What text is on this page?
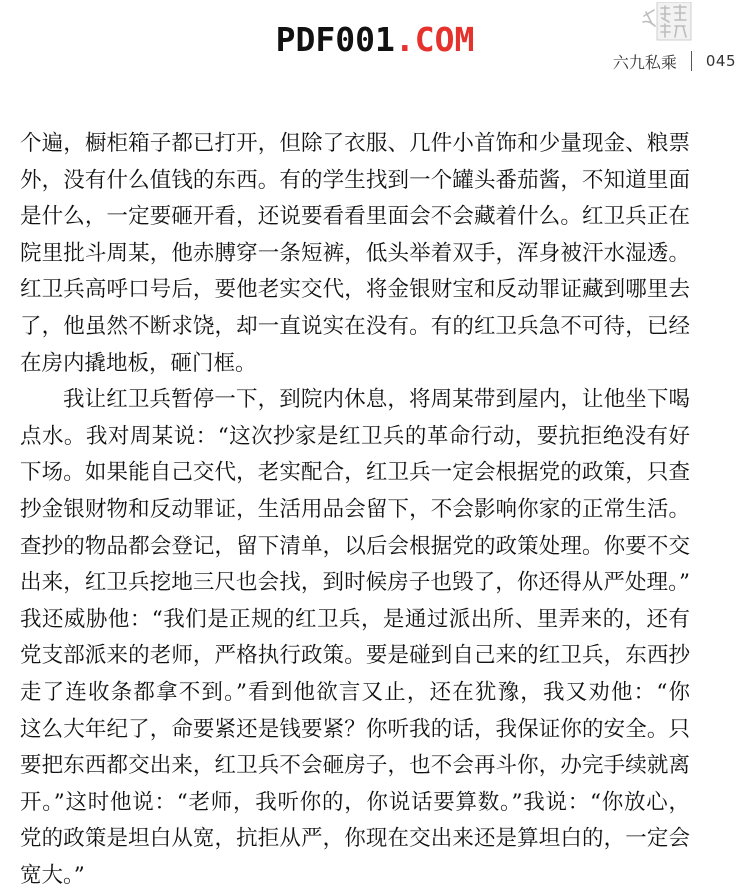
PDF001.COM
六九私乘 045
个遍，橱柜箱子都已打开，但除了衣服、几件小首饰和少量现金、粮票
外，没有什么值钱的东西。有的学生找到一个罐头番茄酱，不知道里面
是什么，一定要砸开看，还说要看看里面会不会藏着什么。红卫兵正在
院里批斗周某，他赤膊穿一条短裤，低头举着双手，浑身被汗水湿透。
红卫兵高呼口号后，要他老实交代，将金银财宝和反动罪证藏到哪里去
了，他虽然不断求饶，却一直说实在没有。有的红卫兵急不可待，已经
在房内撬地板，砸门框。
我让红卫兵暂停一下，到院内休息，将周某带到屋内，让他坐下喝
点水。我对周某说：“这次抄家是红卫兵的革命行动，要抗拒绝没有好
下场。如果能自己交代，老实配合，红卫兵一定会根据党的政策，只查
抄金银财物和反动罪证，生活用品会留下，不会影响你家的正常生活。
查抄的物品都会登记，留下清单，以后会根据党的政策处理。你要不交
出来，红卫兵挖地三尺也会找，到时候房子也毁了，你还得从严处理。”
我还威胁他：“我们是正规的红卫兵，是通过派出所、里弄来的，还有
党支部派来的老师，严格执行政策。要是碰到自己来的红卫兵，东西抄
走了连收条都拿不到。”看到他欲言又止，还在犹豫，我又劝他：“你
这么大年纪了，命要紧还是钱要紧？你听我的话，我保证你的安全。只
要把东西都交出来，红卫兵不会砸房子，也不会再斗你，办完手续就离
开。”这时他说：“老师，我听你的，你说话要算数。”我说：“你放心，
党的政策是坦白从宽，抗拒从严，你现在交出来还是算坦白的，一定会
宽大。”
